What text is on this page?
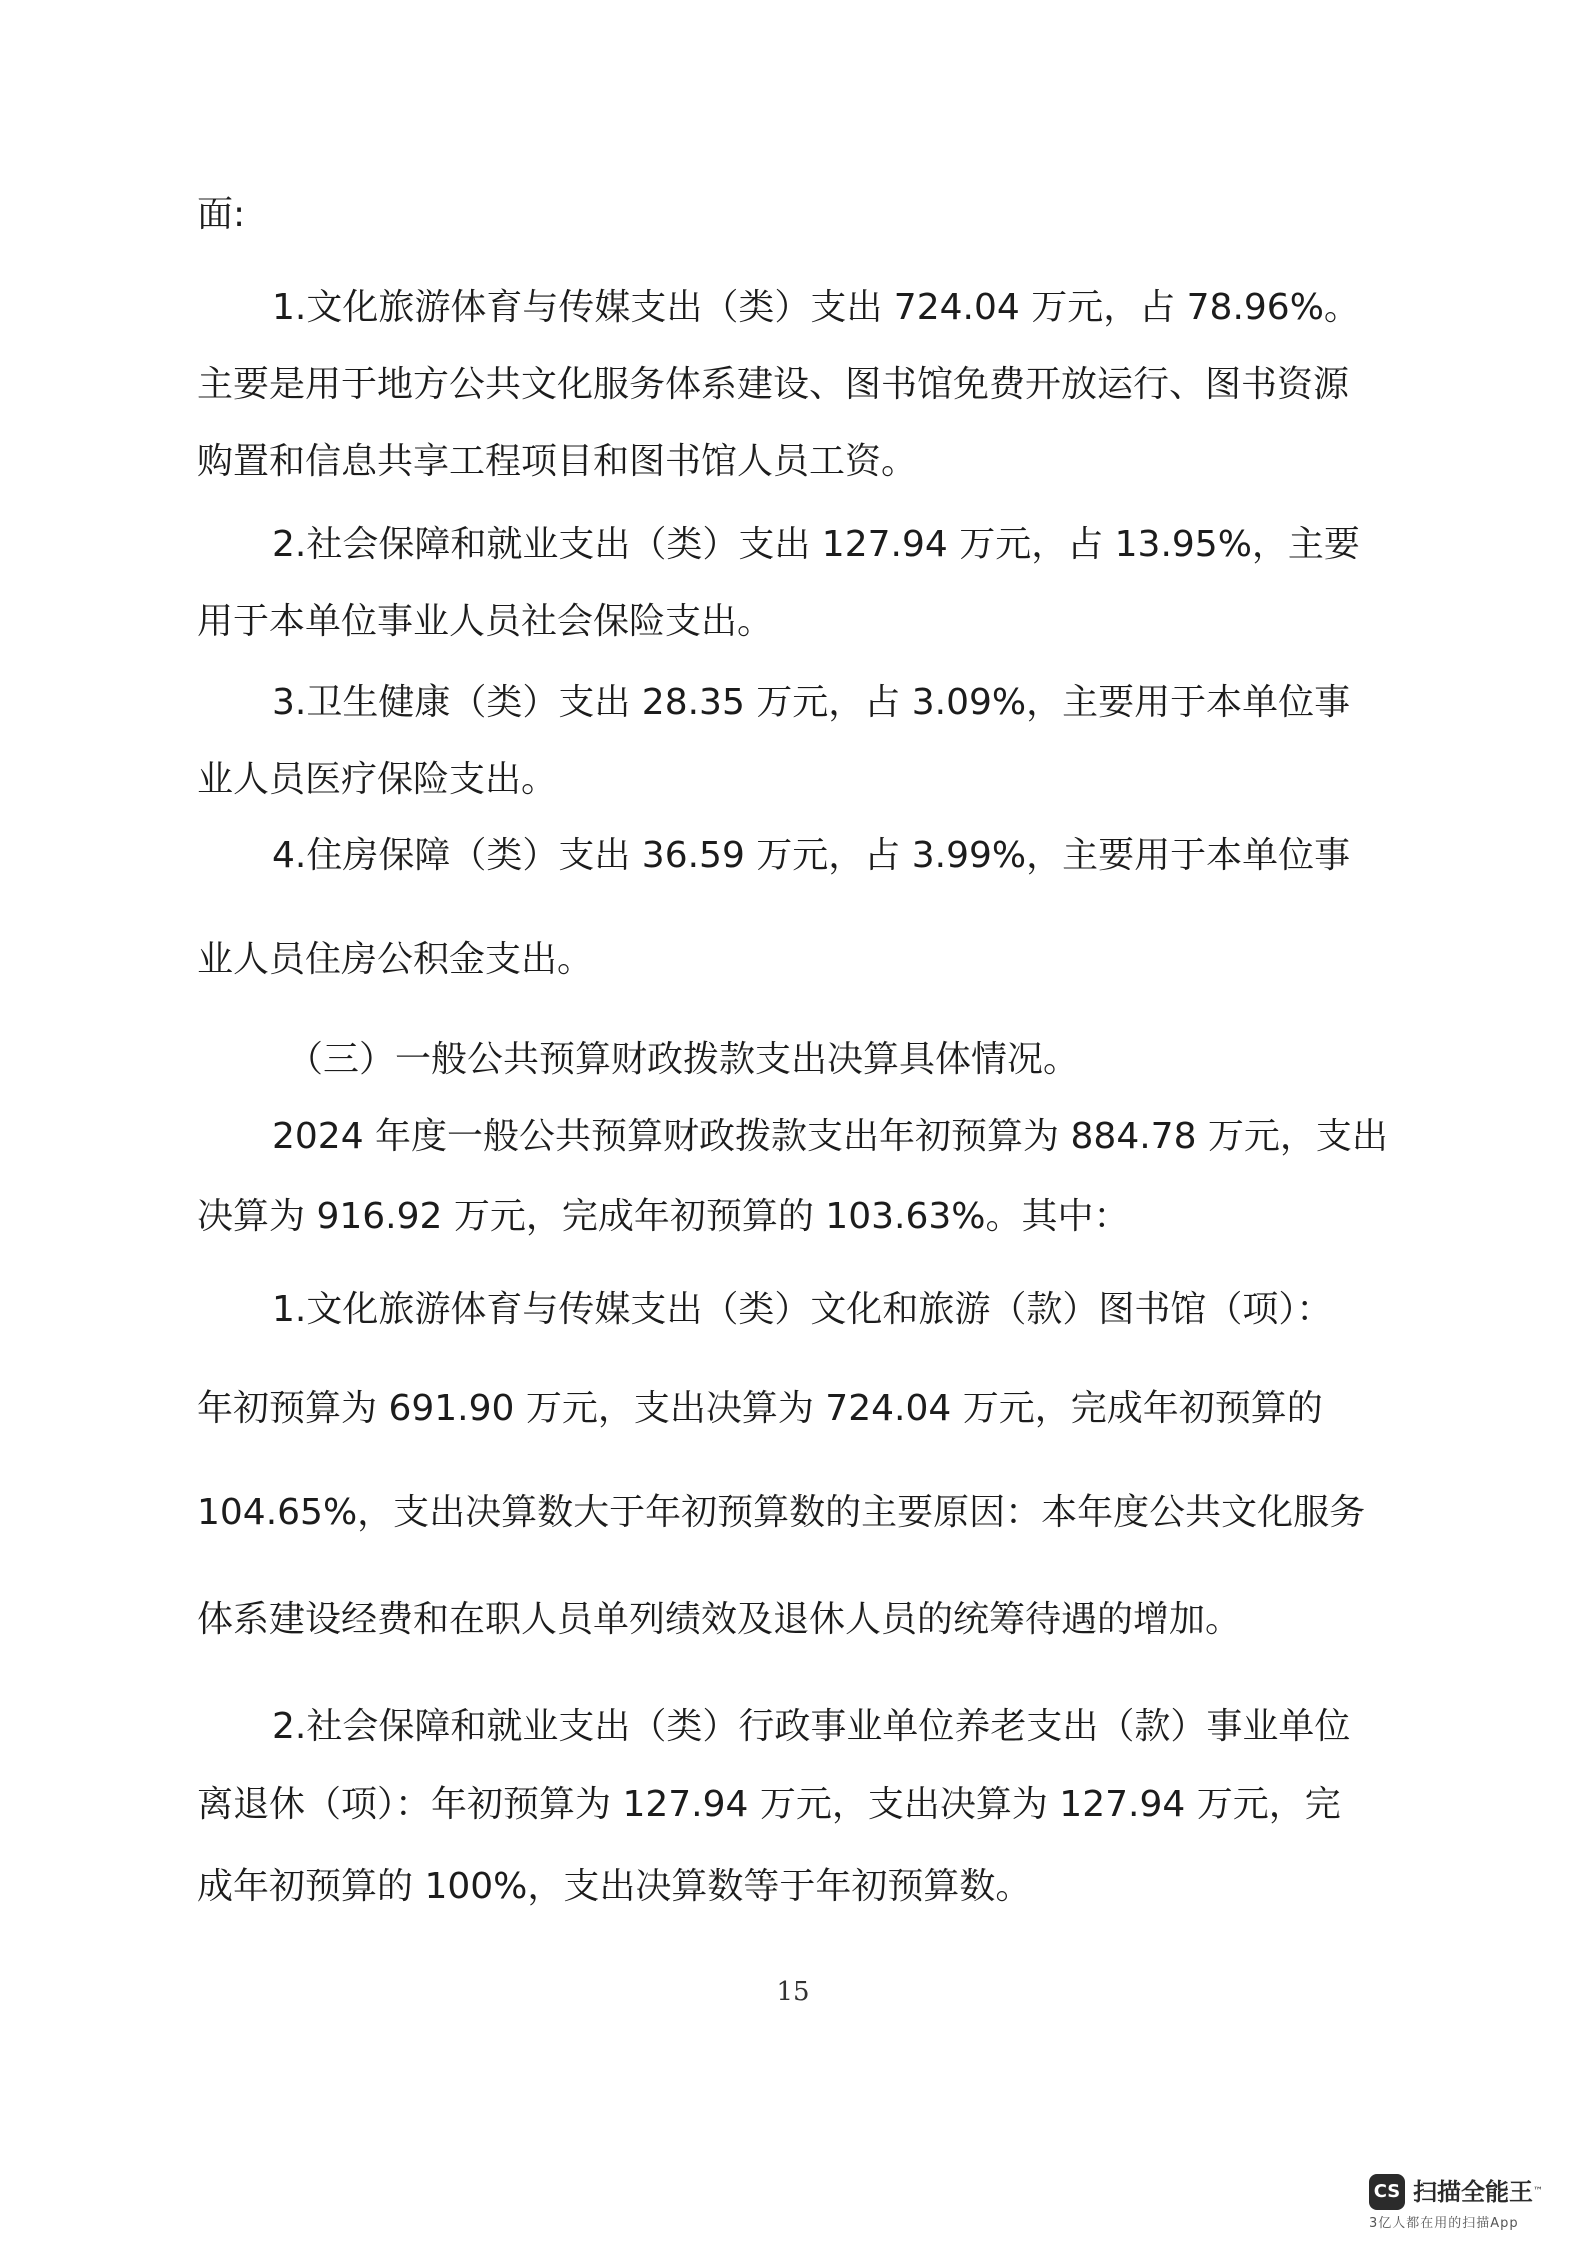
面:
1.文化旅游体育与传媒支出（类）支出 724.04 万元，占 78.96%。
主要是用于地方公共文化服务体系建设、图书馆免费开放运行、图书资源
购置和信息共享工程项目和图书馆人员工资。
2.社会保障和就业支出（类）支出 127.94 万元，占 13.95%，主要
用于本单位事业人员社会保险支出。
3.卫生健康（类）支出 28.35 万元，占 3.09%，主要用于本单位事
业人员医疗保险支出。
4.住房保障（类）支出 36.59 万元，占 3.99%，主要用于本单位事
业人员住房公积金支出。
（三）一般公共预算财政拨款支出决算具体情况。
2024 年度一般公共预算财政拨款支出年初预算为 884.78 万元，支出
决算为 916.92 万元，完成年初预算的 103.63%。其中：
1.文化旅游体育与传媒支出（类）文化和旅游（款）图书馆（项）：
年初预算为 691.90 万元，支出决算为 724.04 万元，完成年初预算的
104.65%，支出决算数大于年初预算数的主要原因：本年度公共文化服务
体系建设经费和在职人员单列绩效及退休人员的统筹待遇的增加。
2.社会保障和就业支出（类）行政事业单位养老支出（款）事业单位
离退休（项）：年初预算为 127.94 万元，支出决算为 127.94 万元，完
成年初预算的 100%，支出决算数等于年初预算数。
15
CS 扫描全能王™
3亿人都在用的扫描App
